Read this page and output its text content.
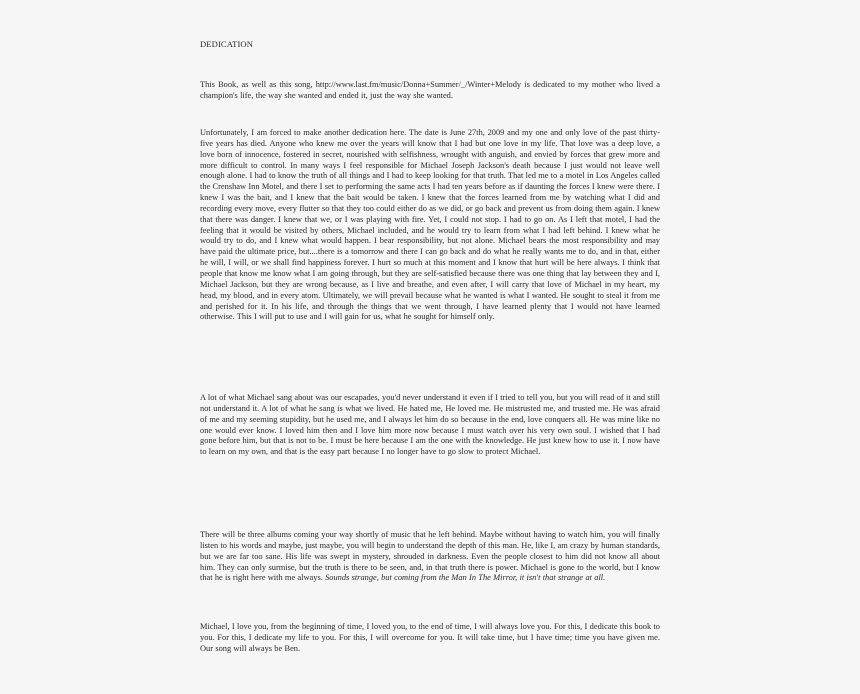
DEDICATION

This Book, as well as this song, http://www.last.fm/music/Donna+Summer/_/Winter+Melody is dedicated to my mother who lived a champion's life, the way she wanted and ended it, just the way she wanted.

Unfortunately, I am forced to make another dedication here. The date is June 27th, 2009 and my one and only love of the past thirty-five years has died. Anyone who knew me over the years will know that I had but one love in my life. That love was a deep love, a love born of innocence, fostered in secret, nourished with selfishness, wrought with anguish, and envied by forces that grew more and more difficult to control. In many ways I feel responsible for Michael Joseph Jackson's death because I just would not leave well enough alone. I had to know the truth of all things and I had to keep looking for that truth. That led me to a motel in Los Angeles called the Crenshaw Inn Motel, and there I set to performing the same acts I had ten years before as if daunting the forces I knew were there. I knew I was the bait, and I knew that the bait would be taken. I knew that the forces learned from me by watching what I did and recording every move, every flutter so that they too could either do as we did, or go back and prevent us from doing them again. I knew that there was danger. I knew that we, or I was playing with fire. Yet, I could not stop. I had to go on. As I left that motel, I had the feeling that it would be visited by others, Michael included, and he would try to learn from what I had left behind. I knew what he would try to do, and I knew what would happen. I bear responsibility, but not alone. Michael bears the most responsibility and may have paid the ultimate price, but....there is a tomorrow and there I can go back and do what he really wants me to do, and in that, either he will, I will, or we shall find happiness forever. I hurt so much at this moment and I know that hurt will be here always. I think that people that know me know what I am going through, but they are self-satisfied because there was one thing that lay between they and I, Michael Jackson, but they are wrong because, as I live and breathe, and even after, I will carry that love of Michael in my heart, my head, my blood, and in every atom. Ultimately, we will prevail because what he wanted is what I wanted. He sought to steal it from me and perished for it. In his life, and through the things that we went through, I have learned plenty that I would not have learned otherwise. This I will put to use and I will gain for us, what he sought for himself only.

A lot of what Michael sang about was our escapades, you'd never understand it even if I tried to tell you, but you will read of it and still not understand it. A lot of what he sang is what we lived. He hated me, He loved me. He mistrusted me, and trusted me. He was afraid of me and my seeming stupidity, but he used me, and I always let him do so because in the end, love conquers all. He was mine like no one would ever know. I loved him then and I love him more now because I must watch over his very own soul. I wished that I had gone before him, but that is not to be. I must be here because I am the one with the knowledge. He just knew how to use it. I now have to learn on my own, and that is the easy part because I no longer have to go slow to protect Michael.

There will be three albums coming your way shortly of music that he left behind. Maybe without having to watch him, you will finally listen to his words and maybe, just maybe, you will begin to understand the depth of this man. He, like I, am crazy by human standards, but we are far too sane. His life was swept in mystery, shrouded in darkness. Even the people closest to him did not know all about him. They can only surmise, but the truth is there to be seen, and, in that truth there is power. Michael is gone to the world, but I know that he is right here with me always. Sounds strange, but coming from the Man In The Mirror, it isn't that strange at all.

Michael, I love you, from the beginning of time, I loved you, to the end of time, I will always love you. For this, I dedicate this book to you. For this, I dedicate my life to you. For this, I will overcome for you. It will take time, but I have time; time you have given me. Our song will always be Ben.
